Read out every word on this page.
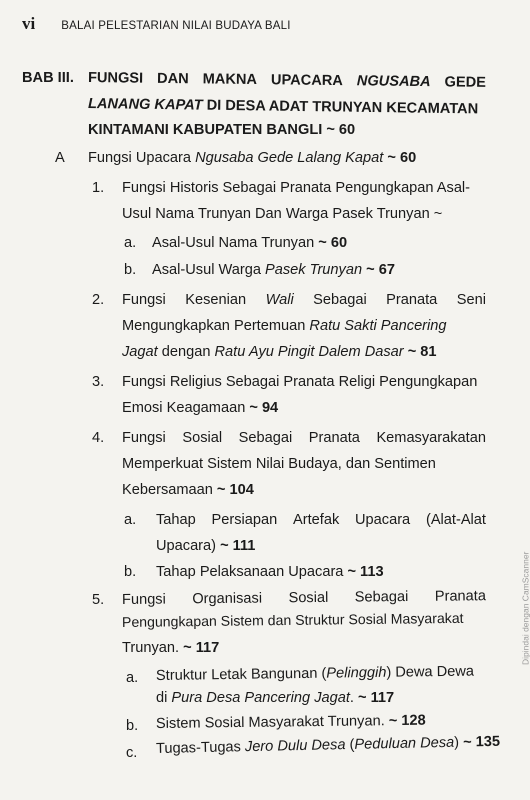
vi BALAI PELESTARIAN NILAI BUDAYA BALI
BAB III. FUNGSI DAN MAKNA UPACARA NGUSABA GEDE
LANANG KAPAT DI DESA ADAT TRUNYAN KECAMATAN
KINTAMANI KABUPATEN BANGLI ~ 60
A Fungsi Upacara Ngusaba Gede Lalang Kapat ~ 60
1. Fungsi Historis Sebagai Pranata Pengungkapan Asal-
Usul Nama Trunyan Dan Warga Pasek Trunyan ~
a. Asal-Usul Nama Trunyan ~ 60
b. Asal-Usul Warga Pasek Trunyan ~ 67
2. Fungsi Kesenian Wali Sebagai Pranata Seni
Mengungkapkan Pertemuan Ratu Sakti Pancering
Jagat dengan Ratu Ayu Pingit Dalem Dasar ~ 81
3. Fungsi Religius Sebagai Pranata Religi Pengungkapan
Emosi Keagamaan ~ 94
4. Fungsi Sosial Sebagai Pranata Kemasyarakatan
Memperkuat Sistem Nilai Budaya, dan Sentimen
Kebersamaan ~ 104
a. Tahap Persiapan Artefak Upacara (Alat-Alat
Upacara) ~ 111
b. Tahap Pelaksanaan Upacara ~ 113
5. Fungsi Organisasi Sosial Sebagai Pranata
Pengungkapan Sistem dan Struktur Sosial Masyarakat
Trunyan. ~ 117
a. Struktur Letak Bangunan (Pelinggih) Dewa Dewa
di Pura Desa Pancering Jagat. ~ 117
b. Sistem Sosial Masyarakat Trunyan. ~ 128
c. Tugas-Tugas Jero Dulu Desa (Peduluan Desa) ~ 135
Dipindai dengan CamScanner
